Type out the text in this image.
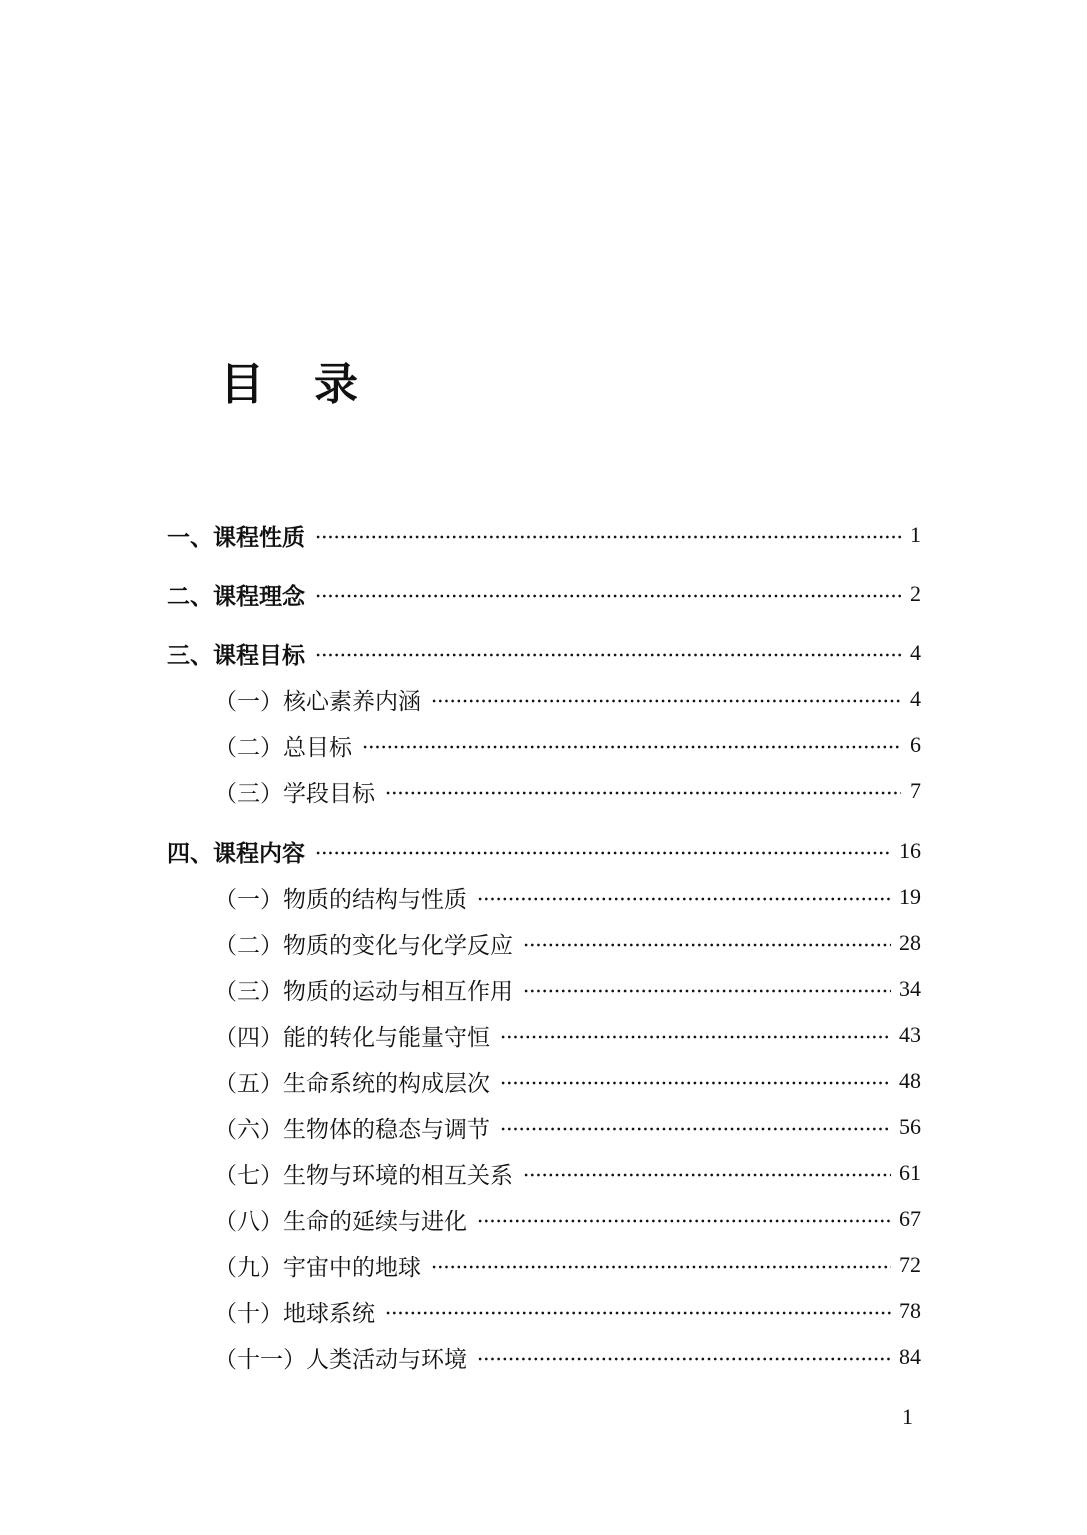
目 录
一、课程性质	1
二、课程理念	2
三、课程目标	4
（一）核心素养内涵	4
（二）总目标	6
（三）学段目标	7
四、课程内容	16
（一）物质的结构与性质	19
（二）物质的变化与化学反应	28
（三）物质的运动与相互作用	34
（四）能的转化与能量守恒	43
（五）生命系统的构成层次	48
（六）生物体的稳态与调节	56
（七）生物与环境的相互关系	61
（八）生命的延续与进化	67
（九）宇宙中的地球	72
（十）地球系统	78
（十一）人类活动与环境	84
1
